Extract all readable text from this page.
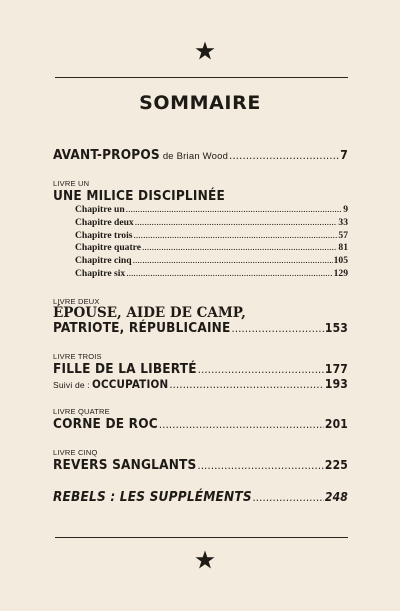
SOMMAIRE
AVANT-PROPOS de Brian Wood .....	7
LIVRE UN
UNE MILICE DISCIPLINÉE
Chapitre un .....	9
Chapitre deux .....	33
Chapitre trois .....	57
Chapitre quatre .....	81
Chapitre cinq .....	105
Chapitre six .....	129
LIVRE DEUX
ÉPOUSE, AIDE DE CAMP,
PATRIOTE, RÉPUBLICAINE .....	153
LIVRE TROIS
FILLE DE LA LIBERTÉ .....	177
Suivi de : OCCUPATION .....	193
LIVRE QUATRE
CORNE DE ROC .....	201
LIVRE CINQ
REVERS SANGLANTS .....	225
REBELS : LES SUPPLÉMENTS .....	248
